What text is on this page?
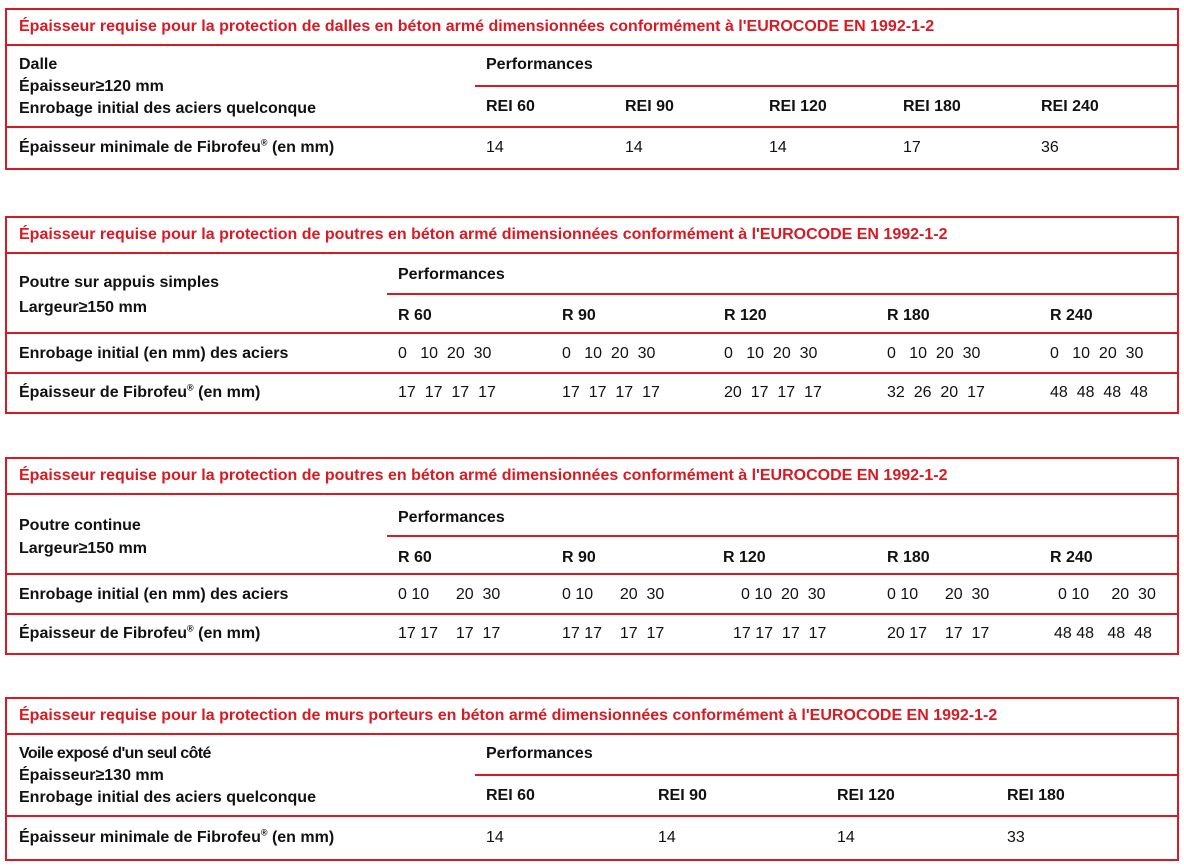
Épaisseur requise pour la protection de dalles en béton armé dimensionnées conformément à l'EUROCODE EN 1992-1-2
Dalle
Épaisseur≥120 mm
Enrobage initial des aciers quelconque
Performances
REI 60	REI 90	REI 120	REI 180	REI 240
Épaisseur minimale de Fibrofeu® (en mm)	14	14	14	17	36
Épaisseur requise pour la protection de poutres en béton armé dimensionnées conformément à l'EUROCODE EN 1992-1-2
Poutre sur appuis simples
Largeur≥150 mm
Performances
R 60	R 90	R 120	R 180	R 240
Enrobage initial (en mm) des aciers	0   10  20  30	0   10  20  30	0   10  20  30	0   10  20  30	0   10  20  30
Épaisseur de Fibrofeu® (en mm)	17  17  17  17	17  17  17  17	20  17  17  17	32  26  20  17	48  48  48  48
Épaisseur requise pour la protection de poutres en béton armé dimensionnées conformément à l'EUROCODE EN 1992-1-2
Poutre continue
Largeur≥150 mm
Performances
R 60	R 90	R 120	R 180	R 240
Enrobage initial (en mm) des aciers	0 10      20  30	0 10      20  30	0 10  20  30	0 10      20  30	0 10     20  30
Épaisseur de Fibrofeu® (en mm)	17 17    17  17	17 17    17  17	17 17  17  17	20 17    17  17	48 48   48  48
Épaisseur requise pour la protection de murs porteurs en béton armé dimensionnées conformément à l'EUROCODE EN 1992-1-2
Voile exposé d'un seul côté
Épaisseur≥130 mm
Enrobage initial des aciers quelconque
Performances
REI 60	REI 90	REI 120	REI 180
Épaisseur minimale de Fibrofeu® (en mm)	14	14	14	33
